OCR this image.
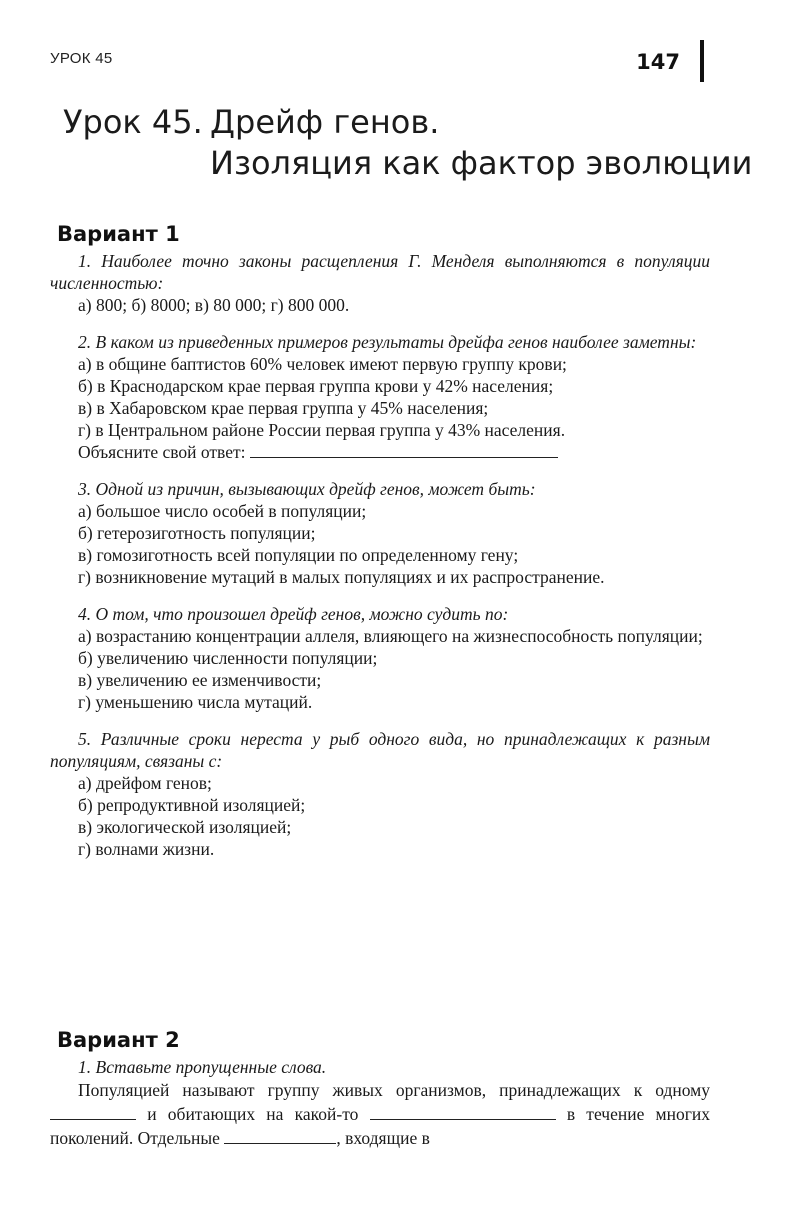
УРОК 45	147
Урок 45. Дрейф генов.
Изоляция как фактор эволюции
Вариант 1

1. Наиболее точно законы расщепления Г. Менделя выполняются в популяции численностью:

а) 800; б) 8000; в) 80 000; г) 800 000.

2. В каком из приведенных примеров результаты дрейфа генов наиболее заметны:

а) в общине баптистов 60% человек имеют первую группу крови;

б) в Краснодарском крае первая группа крови у 42% населения;

в) в Хабаровском крае первая группа у 45% населения;

г) в Центральном районе России первая группа у 43% населения.

Объясните свой ответ:

3. Одной из причин, вызывающих дрейф генов, может быть:

а) большое число особей в популяции;

б) гетерозиготность популяции;

в) гомозиготность всей популяции по определенному гену;

г) возникновение мутаций в малых популяциях и их распространение.

4. О том, что произошел дрейф генов, можно судить по:

а) возрастанию концентрации аллеля, влияющего на жизнеспособность популяции;

б) увеличению численности популяции;

в) увеличению ее изменчивости;

г) уменьшению числа мутаций.

5. Различные сроки нереста у рыб одного вида, но принадлежащих к разным популяциям, связаны с:

а) дрейфом генов;

б) репродуктивной изоляцией;

в) экологической изоляцией;

г) волнами жизни.

Вариант 2

1. Вставьте пропущенные слова.

Популяцией называют группу живых организмов, принадлежащих к одному  и обитающих на какой-то	в течение многих поколений. Отдельные	, входящие в
